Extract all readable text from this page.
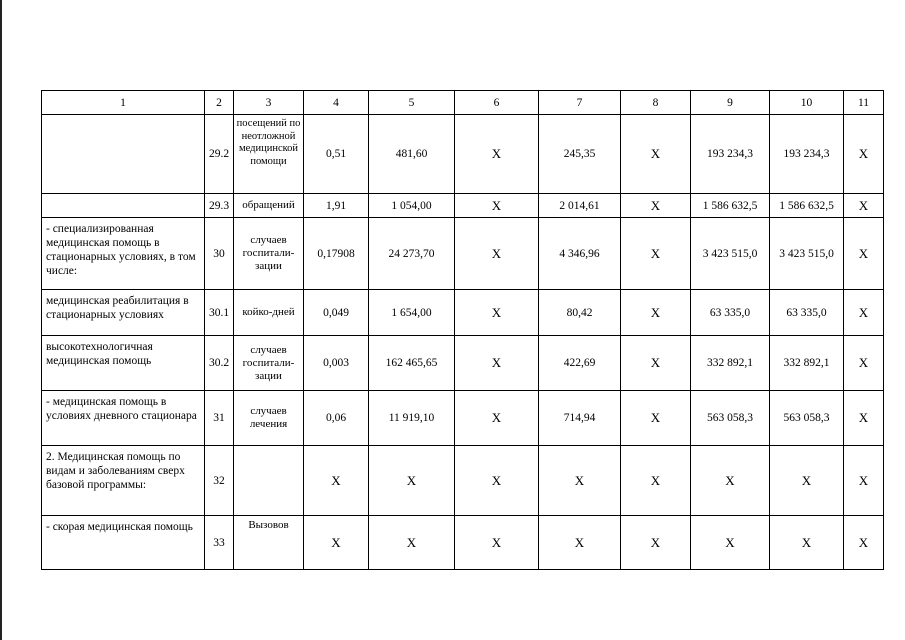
1	2	3	4	5	6	7	8	9	10	11
	29.2	посещений по неотложной медицинской помощи	0,51	481,60	X	245,35	X	193 234,3	193 234,3	X
	29.3	обращений	1,91	1 054,00	X	2 014,61	X	1 586 632,5	1 586 632,5	X
- специализированная медицинская помощь в стационарных условиях, в том числе:	30	случаев госпитали-зации	0,17908	24 273,70	X	4 346,96	X	3 423 515,0	3 423 515,0	X
медицинская реабилитация в стационарных условиях	30.1	койко-дней	0,049	1 654,00	X	80,42	X	63 335,0	63 335,0	X
высокотехнологичная медицинская помощь	30.2	случаев госпитали-зации	0,003	162 465,65	X	422,69	X	332 892,1	332 892,1	X
- медицинская помощь в условиях дневного стационара	31	случаев лечения	0,06	11 919,10	X	714,94	X	563 058,3	563 058,3	X
2. Медицинская помощь по видам и заболеваниям сверх базовой программы:	32		X	X	X	X	X	X	X	X
- скорая медицинская помощь	33	Вызовов	X	X	X	X	X	X	X	X
